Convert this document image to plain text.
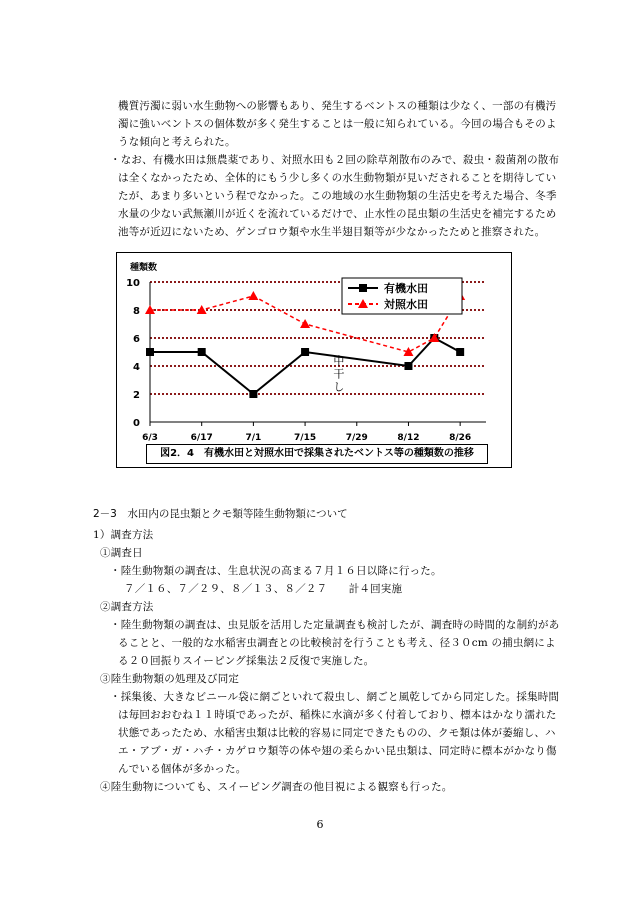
機質汚濁に弱い水生動物への影響もあり、発生するベントスの種類は少なく、一部の有機汚
濁に強いベントスの個体数が多く発生することは一般に知られている。今回の場合もそのよ
うな傾向と考えられた。
・なお、有機水田は無農薬であり、対照水田も２回の除草剤散布のみで、殺虫・殺菌剤の散布
は全くなかったため、全体的にもう少し多くの水生動物類が見いだされることを期待してい
たが、あまり多いという程でなかった。この地域の水生動物類の生活史を考えた場合、冬季
水量の少ない武無瀬川が近くを流れているだけで、止水性の昆虫類の生活史を補完するため
池等が近辺にないため、ゲンゴロウ類や水生半翅目類等が少なかったためと推察された。
0
2
4
6
8
10
種類数
6/3	6/17	7/1	7/15	7/29	8/12	8/26
有機水田
対照水田
中
干
し
図2．4　有機水田と対照水田で採集されたベントス等の種類数の推移
2－3　水田内の昆虫類とクモ類等陸生動物類について
1）調査方法
①調査日
・陸生動物類の調査は、生息状況の高まる７月１６日以降に行った。
７／１６、７／２９、８／１３、８／２７　　計４回実施
②調査方法
・陸生動物類の調査は、虫見版を活用した定量調査も検討したが、調査時の時間的な制約があ
ることと、一般的な水稲害虫調査との比較検討を行うことも考え、径３０cm の捕虫網によ
る２０回振りスイーピング採集法２反復で実施した。
③陸生動物類の処理及び同定
・採集後、大きなビニール袋に網ごといれて殺虫し、網ごと風乾してから同定した。採集時間
は毎回おおむね１１時頃であったが、稲株に水滴が多く付着しており、標本はかなり濡れた
状態であったため、水稲害虫類は比較的容易に同定できたものの、クモ類は体が萎縮し、ハ
エ・アブ・ガ・ハチ・カゲロウ類等の体や翅の柔らかい昆虫類は、同定時に標本がかなり傷
んでいる個体が多かった。
④陸生動物についても、スイーピング調査の他目視による観察も行った。
6
